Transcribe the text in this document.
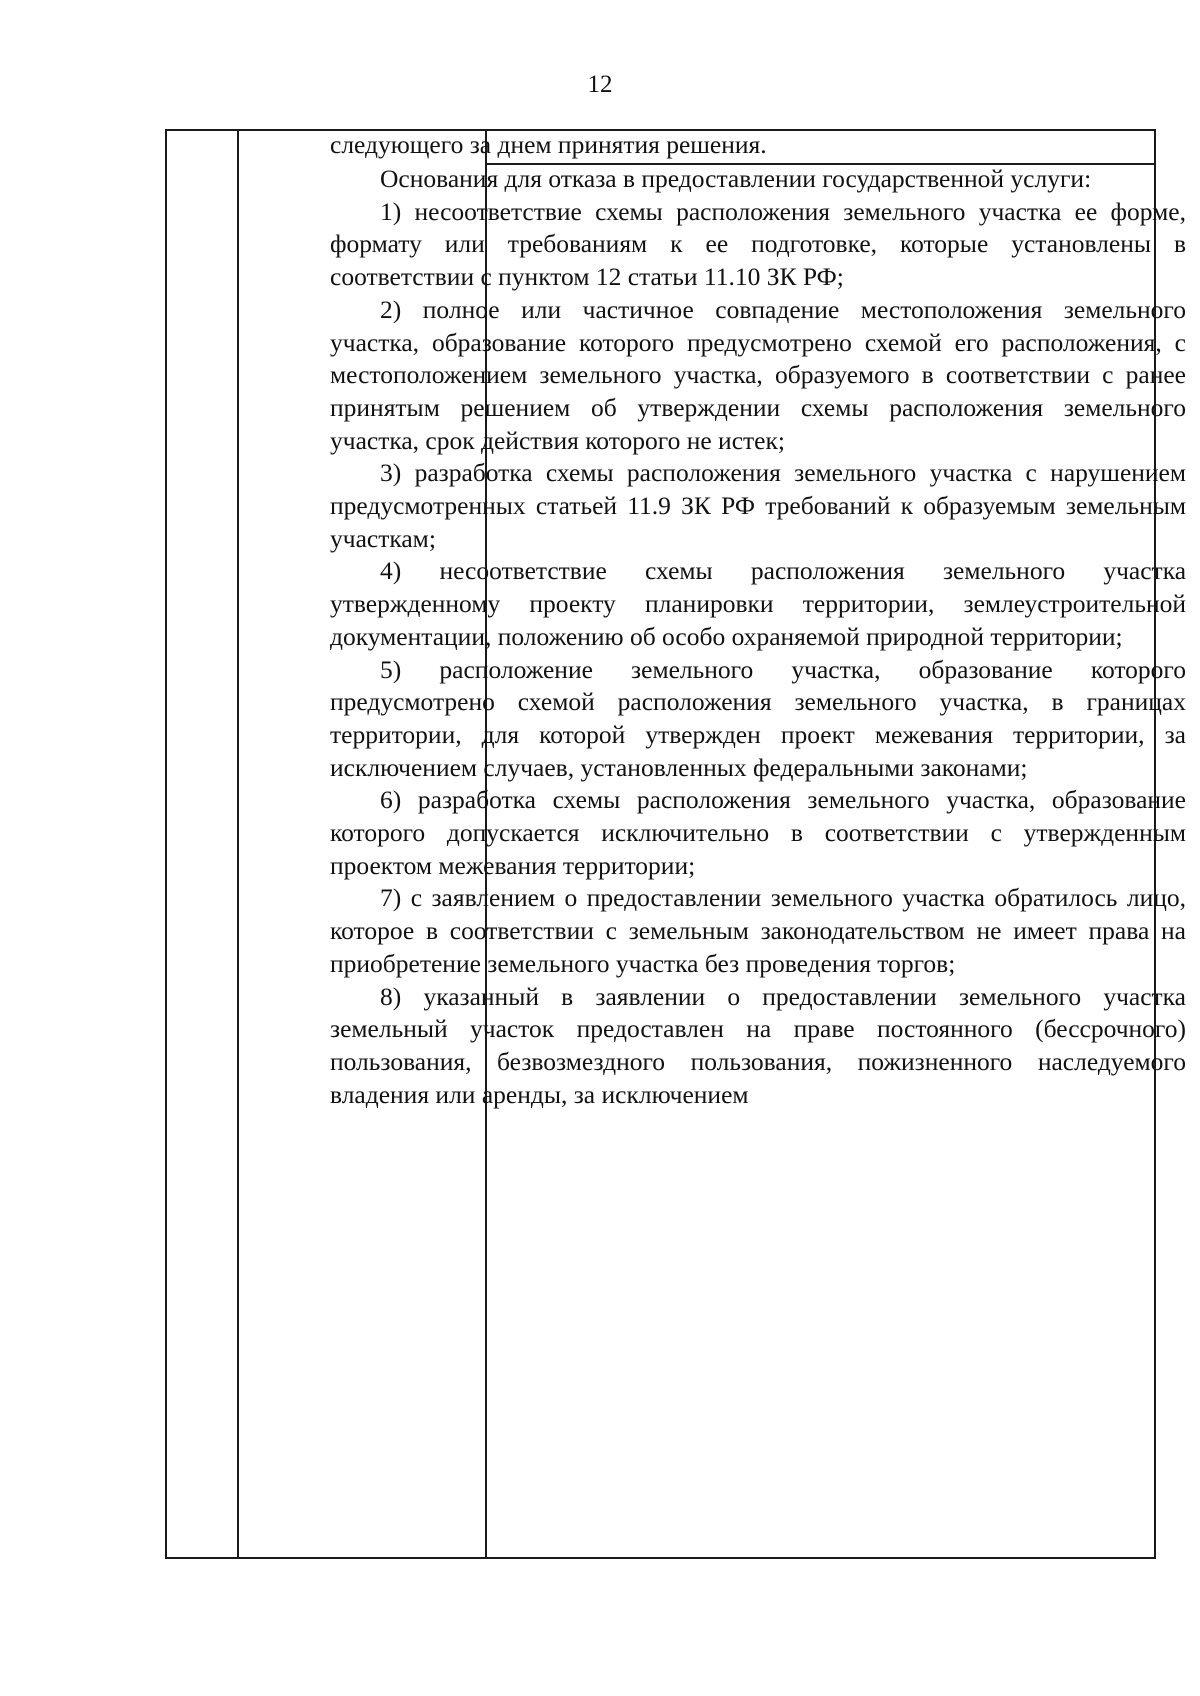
12

следующего за днем принятия решения.

Основания для отказа в предоставлении государственной услуги:

1) несоответствие схемы расположения земельного участка ее форме, формату или требованиям к ее подготовке, которые установлены в соответствии с пунктом 12 статьи 11.10 ЗК РФ;

2) полное или частичное совпадение местоположения земельного участка, образование которого предусмотрено схемой его расположения, с местоположением земельного участка, образуемого в соответствии с ранее принятым решением об утверждении схемы расположения земельного участка, срок действия которого не истек;

3) разработка схемы расположения земельного участка с нарушением предусмотренных статьей 11.9 ЗК РФ требований к образуемым земельным участкам;

4) несоответствие схемы расположения земельного участка утвержденному проекту планировки территории, землеустроительной документации, положению об особо охраняемой природной территории;

5) расположение земельного участка, образование которого предусмотрено схемой расположения земельного участка, в границах территории, для которой утвержден проект межевания территории, за исключением случаев, установленных федеральными законами;

6) разработка схемы расположения земельного участка, образование которого допускается исключительно в соответствии с утвержденным проектом межевания территории;

7) с заявлением о предоставлении земельного участка обратилось лицо, которое в соответствии с земельным законодательством не имеет права на приобретение земельного участка без проведения торгов;

8) указанный в заявлении о предоставлении земельного участка земельный участок предоставлен на праве постоянного (бессрочного) пользования, безвозмездного пользования, пожизненного наследуемого владения или аренды, за исключением
